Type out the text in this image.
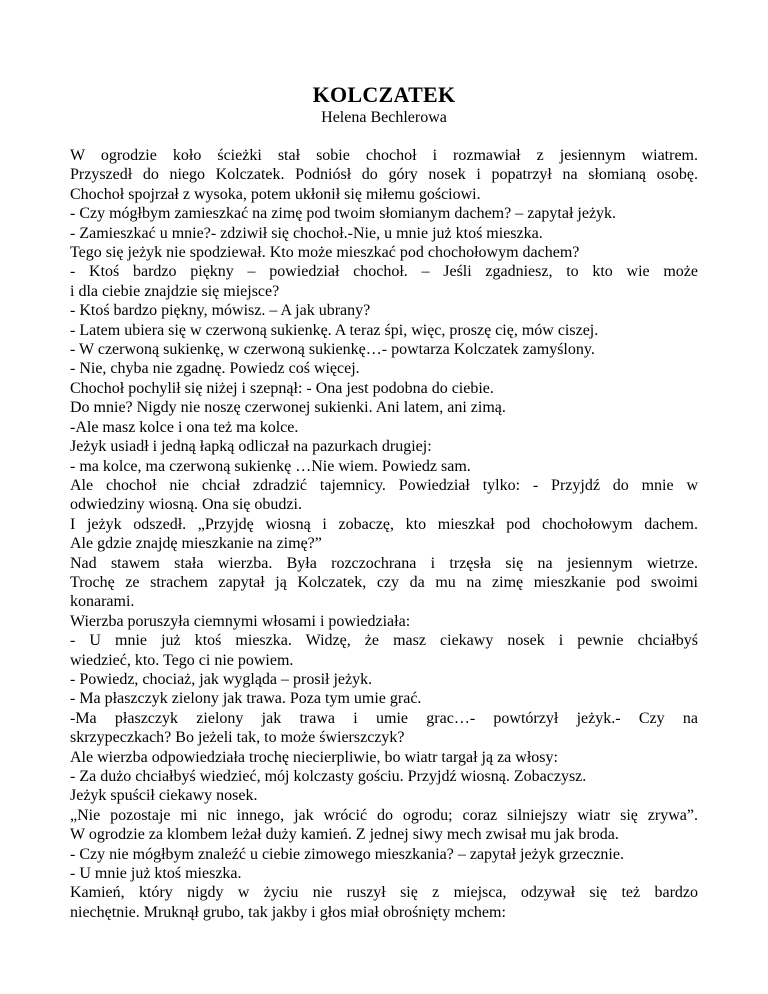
KOLCZATEK
Helena Bechlerowa
W ogrodzie koło ścieżki stał sobie chochoł i rozmawiał z jesiennym wiatrem.
Przyszedł do niego Kolczatek. Podniósł do góry nosek i popatrzył na słomianą osobę.
Chochoł spojrzał z wysoka, potem ukłonił się miłemu gościowi.
- Czy mógłbym zamieszkać na zimę pod twoim słomianym dachem? – zapytał jeżyk.
- Zamieszkać u mnie?- zdziwił się chochoł.-Nie, u mnie już ktoś mieszka.
Tego się jeżyk nie spodziewał. Kto może mieszkać pod chochołowym dachem?
- Ktoś bardzo piękny – powiedział chochoł. – Jeśli zgadniesz, to kto wie może
i dla ciebie znajdzie się miejsce?
- Ktoś bardzo piękny, mówisz. – A jak ubrany?
- Latem ubiera się w czerwoną sukienkę. A teraz śpi, więc, proszę cię, mów ciszej.
- W czerwoną sukienkę, w czerwoną sukienkę…- powtarza Kolczatek zamyślony.
- Nie, chyba nie zgadnę. Powiedz coś więcej.
Chochoł pochylił się niżej i szepnął: - Ona jest podobna do ciebie.
Do mnie? Nigdy nie noszę czerwonej sukienki. Ani latem, ani zimą.
-Ale masz kolce i ona też ma kolce.
Jeżyk usiadł i jedną łapką odliczał na pazurkach drugiej:
- ma kolce, ma czerwoną sukienkę …Nie wiem. Powiedz sam.
Ale chochoł nie chciał zdradzić tajemnicy. Powiedział tylko: - Przyjdź do mnie w
odwiedziny wiosną. Ona się obudzi.
I jeżyk odszedł. „Przyjdę wiosną i zobaczę, kto mieszkał pod chochołowym dachem.
Ale gdzie znajdę mieszkanie na zimę?”
Nad stawem stała wierzba. Była rozczochrana i trzęsła się na jesiennym wietrze.
Trochę ze strachem zapytał ją Kolczatek, czy da mu na zimę mieszkanie pod swoimi
konarami.
Wierzba poruszyła ciemnymi włosami i powiedziała:
- U mnie już ktoś mieszka. Widzę, że masz ciekawy nosek i pewnie chciałbyś
wiedzieć, kto. Tego ci nie powiem.
- Powiedz, chociaż, jak wygląda – prosił jeżyk.
- Ma płaszczyk zielony jak trawa. Poza tym umie grać.
-Ma płaszczyk zielony jak trawa i umie grac…- powtórzył jeżyk.- Czy na
skrzypeczkach? Bo jeżeli tak, to może świerszczyk?
Ale wierzba odpowiedziała trochę niecierpliwie, bo wiatr targał ją za włosy:
- Za dużo chciałbyś wiedzieć, mój kolczasty gościu. Przyjdź wiosną. Zobaczysz.
Jeżyk spuścił ciekawy nosek.
„Nie pozostaje mi nic innego, jak wrócić do ogrodu; coraz silniejszy wiatr się zrywa”.
W ogrodzie za klombem leżał duży kamień. Z jednej siwy mech zwisał mu jak broda.
- Czy nie mógłbym znaleźć u ciebie zimowego mieszkania? – zapytał jeżyk grzecznie.
- U mnie już ktoś mieszka.
Kamień, który nigdy w życiu nie ruszył się z miejsca, odzywał się też bardzo
niechętnie. Mruknął grubo, tak jakby i głos miał obrośnięty mchem:
